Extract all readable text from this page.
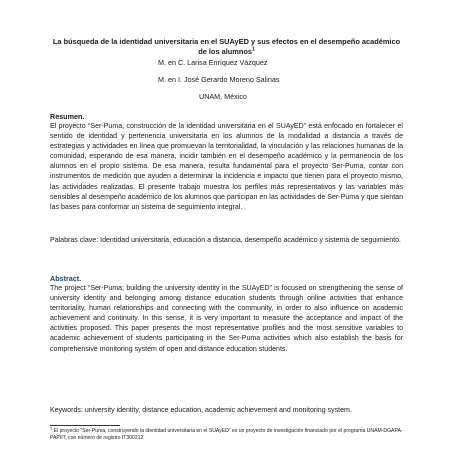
La búsqueda de la identidad universitaria en el SUAyED y sus efectos en el desempeño académico de los alumnos$^1$
M. en C. Larisa Enríquez Vázquez
M. en I. José Gerardo Moreno Salinas
UNAM, México
Resumen.
El proyecto “Ser-Puma, construcción de la identidad universitaria en el SUAyED” está enfocado en fortalecer el sentido de identidad y pertenencia universitaria en los alumnos de la modalidad a distancia a través de estrategias y actividades en línea que promuevan la territorialidad, la vinculación y las relaciones humanas de la comunidad, esperando de esa manera, incidir también en el desempeño académico y la permanencia de los alumnos en el propio sistema. De esa manera, resulta fundamental para el proyecto Ser-Puma, contar con instrumentos de medición que ayuden a determinar la incidencia e impacto que tienen para el proyecto mismo, las actividades realizadas. El presente trabajo muestra los perfiles más representativos y las variables más sensibles al desempeño académico de los alumnos que participan en las actividades de Ser-Puma y que sientan las bases para conformar un sistema de seguimiento integral.
Palabras clave: Identidad universitaria, educación a distancia, desempeño académico y sistema de seguimiento.
Abstract.
The project “Ser-Puma; building the university identity in the SUAyED” is focused on strengthening the sense of university identity and belonging among distance education students through online activities that enhance territoriality, human relationships and connecting with the community, in order to also influence on academic achievement and continuity. In this sense, it is very important to measure the acceptance and impact of the activities proposed. This paper presents the most representative profiles and the most sensitive variables to academic achievement of students participating in the Ser-Puma activities which also establish the basis for comprehensive monitoring system of open and distance education students.
Keywords: university identity, distance education, academic achievement and monitoring system.
$^1$ El proyecto “Ser-Puma, construyendo la identidad universitaria en el SUAyED” es un proyecto de investigación financiado por el programa UNAM-DGAPA-PAPIIT, con número de registro IT300212
